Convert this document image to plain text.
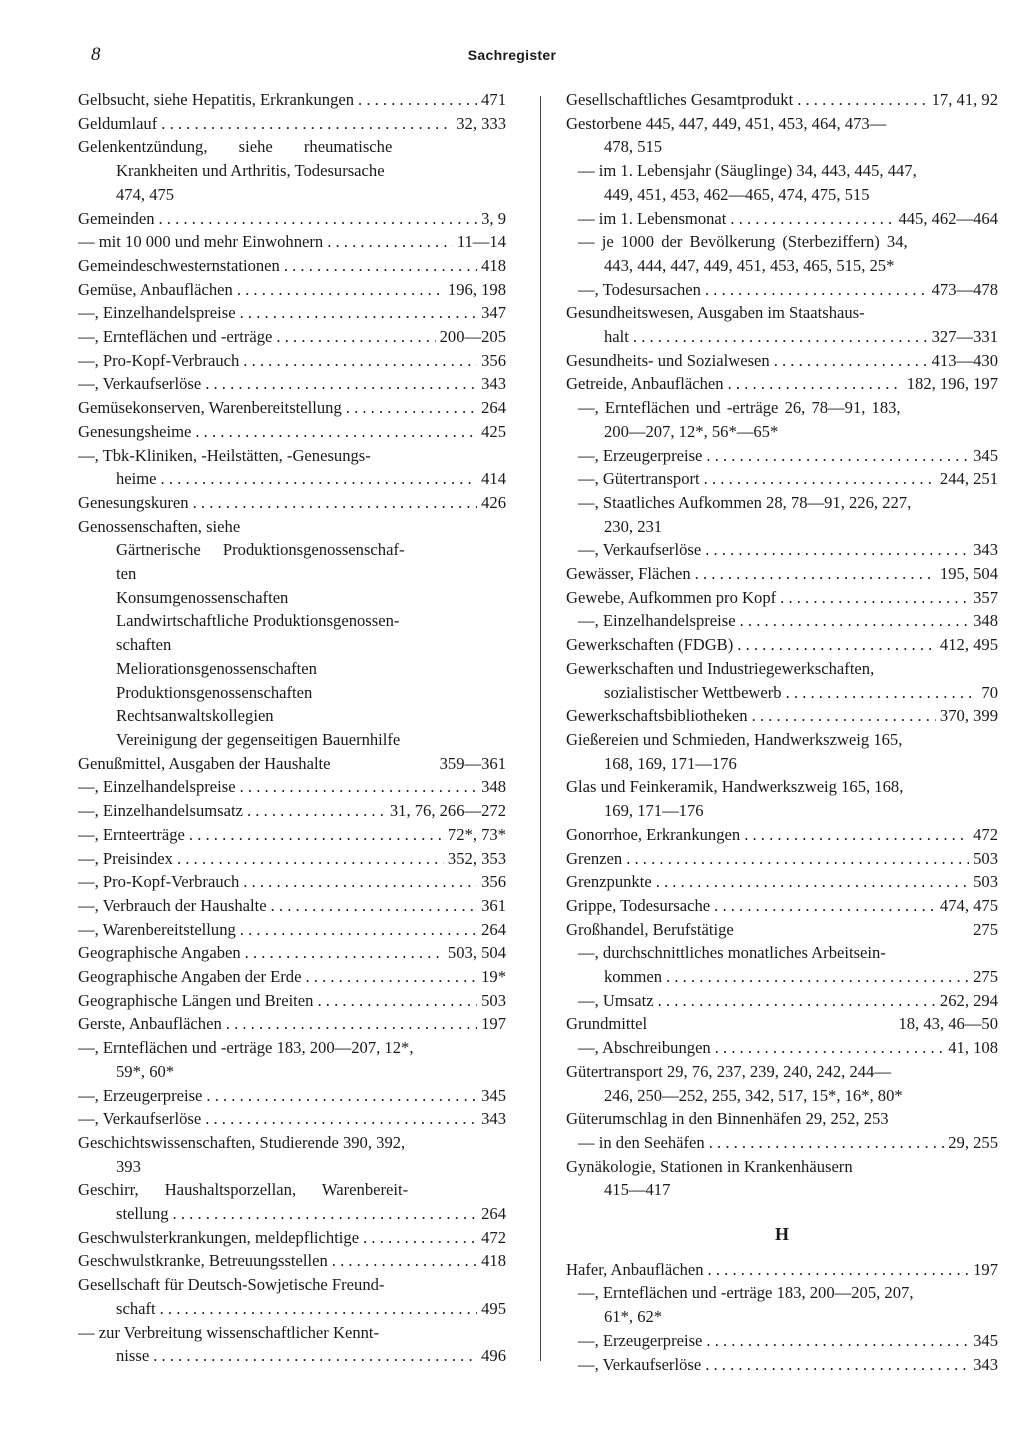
8	Sachregister
Gelbsucht, siehe Hepatitis, Erkrankungen . . .	471
Geldumlauf . . .	32, 333
Gelenkentzündung, siehe rheumatische
Krankheiten und Arthritis, Todesursache
474, 475
Gemeinden . . .	3, 9
— mit 10 000 und mehr Einwohnern . . .	11—14
Gemeindeschwesternstationen . . .	418
Gemüse, Anbauflächen . . .	196, 198
—, Einzelhandelspreise . . .	347
—, Ernteflächen und -erträge . . .	200—205
—, Pro-Kopf-Verbrauch . . .	356
—, Verkaufserlöse . . .	343
Gemüsekonserven, Warenbereitstellung . . .	264
Genesungsheime . . .	425
—, Tbk-Kliniken, -Heilstätten, -Genesungs-
heime . . .	414
Genesungskuren . . .	426
Genossenschaften, siehe
Gärtnerische Produktionsgenossenschaf-
ten
Konsumgenossenschaften
Landwirtschaftliche Produktionsgenossen-
schaften
Meliorationsgenossenschaften
Produktionsgenossenschaften
Rechtsanwaltskollegien
Vereinigung der gegenseitigen Bauernhilfe
Genußmittel, Ausgaben der Haushalte	359—361
—, Einzelhandelspreise . . .	348
—, Einzelhandelsumsatz . . .	31, 76, 266—272
—, Ernteerträge . . .	72*, 73*
—, Preisindex . . .	352, 353
—, Pro-Kopf-Verbrauch . . .	356
—, Verbrauch der Haushalte . . .	361
—, Warenbereitstellung . . .	264
Geographische Angaben . . .	503, 504
Geographische Angaben der Erde . . .	19*
Geographische Längen und Breiten . . .	503
Gerste, Anbauflächen . . .	197
—, Ernteflächen und -erträge 183, 200—207, 12*,
59*, 60*
—, Erzeugerpreise . . .	345
—, Verkaufserlöse . . .	343
Geschichtswissenschaften, Studierende 390, 392,
393
Geschirr, Haushaltsporzellan, Warenbereit-
stellung . . .	264
Geschwulsterkrankungen, meldepflichtige . . .	472
Geschwulstkranke, Betreuungsstellen . . .	418
Gesellschaft für Deutsch-Sowjetische Freund-
schaft . . .	495
— zur Verbreitung wissenschaftlicher Kennt-
nisse . . .	496
Gesellschaftliches Gesamtprodukt . . .	17, 41, 92
Gestorbene 445, 447, 449, 451, 453, 464, 473—
478, 515
— im 1. Lebensjahr (Säuglinge) 34, 443, 445, 447,
449, 451, 453, 462—465, 474, 475, 515
— im 1. Lebensmonat . . .	445, 462—464
— je 1000 der Bevölkerung (Sterbeziffern) 34,
443, 444, 447, 449, 451, 453, 465, 515, 25*
—, Todesursachen . . .	473—478
Gesundheitswesen, Ausgaben im Staatshaus-
halt . . .	327—331
Gesundheits- und Sozialwesen . . .	413—430
Getreide, Anbauflächen . . .	182, 196, 197
—, Ernteflächen und -erträge 26, 78—91, 183,
200—207, 12*, 56*—65*
—, Erzeugerpreise . . .	345
—, Gütertransport . . .	244, 251
—, Staatliches Aufkommen 28, 78—91, 226, 227,
230, 231
—, Verkaufserlöse . . .	343
Gewässer, Flächen . . .	195, 504
Gewebe, Aufkommen pro Kopf . . .	357
—, Einzelhandelspreise . . .	348
Gewerkschaften (FDGB) . . .	412, 495
Gewerkschaften und Industriegewerkschaften,
sozialistischer Wettbewerb . . .	70
Gewerkschaftsbibliotheken . . .	370, 399
Gießereien und Schmieden, Handwerkszweig 165,
168, 169, 171—176
Glas und Feinkeramik, Handwerkszweig 165, 168,
169, 171—176
Gonorrhoe, Erkrankungen . . .	472
Grenzen . . .	503
Grenzpunkte . . .	503
Grippe, Todesursache . . .	474, 475
Großhandel, Berufstätige	275
—, durchschnittliches monatliches Arbeitsein-
kommen . . .	275
—, Umsatz . . .	262, 294
Grundmittel	18, 43, 46—50
—, Abschreibungen . . .	41, 108
Gütertransport 29, 76, 237, 239, 240, 242, 244—
246, 250—252, 255, 342, 517, 15*, 16*, 80*
Güterumschlag in den Binnenhäfen 29, 252, 253
— in den Seehäfen . . .	29, 255
Gynäkologie, Stationen in Krankenhäusern
415—417
H
Hafer, Anbauflächen . . .	197
—, Ernteflächen und -erträge 183, 200—205, 207,
61*, 62*
—, Erzeugerpreise . . .	345
—, Verkaufserlöse . . .	343
